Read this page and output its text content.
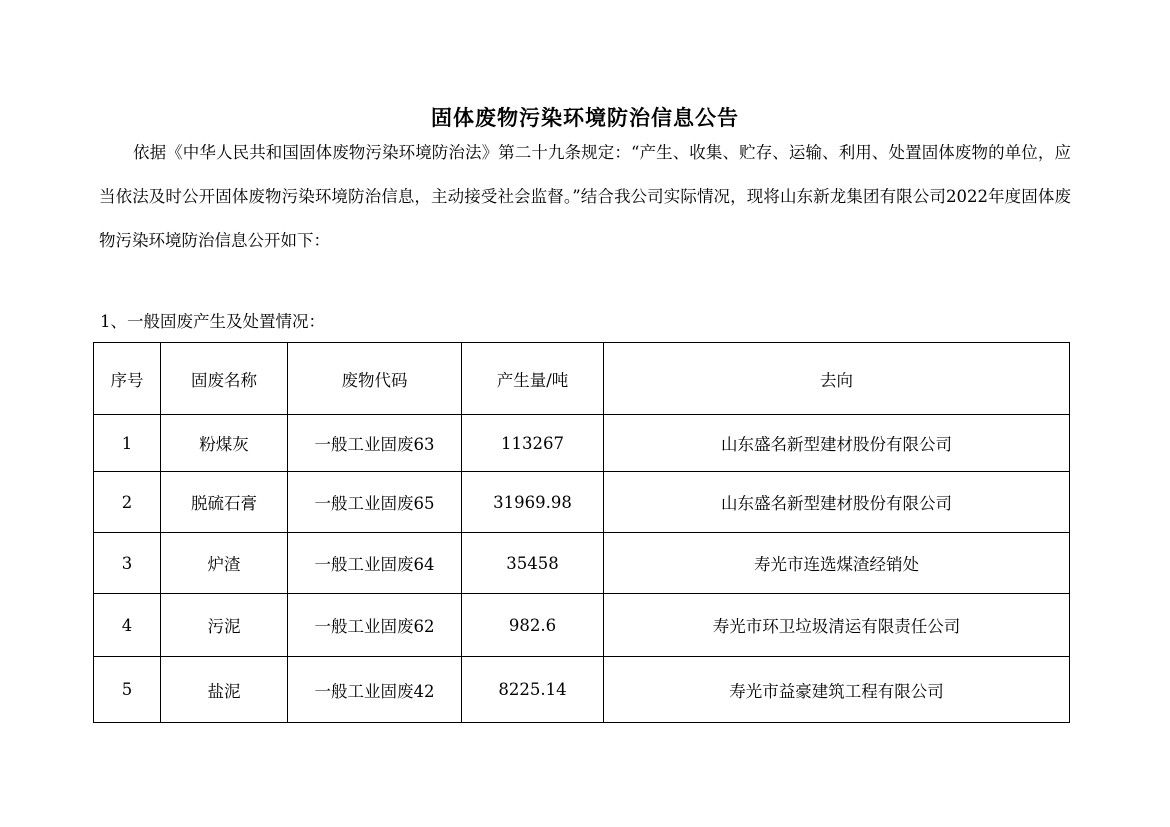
固体废物污染环境防治信息公告

依据《中华人民共和国固体废物污染环境防治法》第二十九条规定：“产生、收集、贮存、运输、利用、处置固体废物的单位，应当依法及时公开固体废物污染环境防治信息，主动接受社会监督。”结合我公司实际情况，现将山东新龙集团有限公司2022年度固体废物污染环境防治信息公开如下：

1、一般固废产生及处置情况：

序号	固废名称	废物代码	产生量/吨	去向
1	粉煤灰	一般工业固废63	113267	山东盛名新型建材股份有限公司
2	脱硫石膏	一般工业固废65	31969.98	山东盛名新型建材股份有限公司
3	炉渣	一般工业固废64	35458	寿光市连选煤渣经销处
4	污泥	一般工业固废62	982.6	寿光市环卫垃圾清运有限责任公司
5	盐泥	一般工业固废42	8225.14	寿光市益豪建筑工程有限公司
